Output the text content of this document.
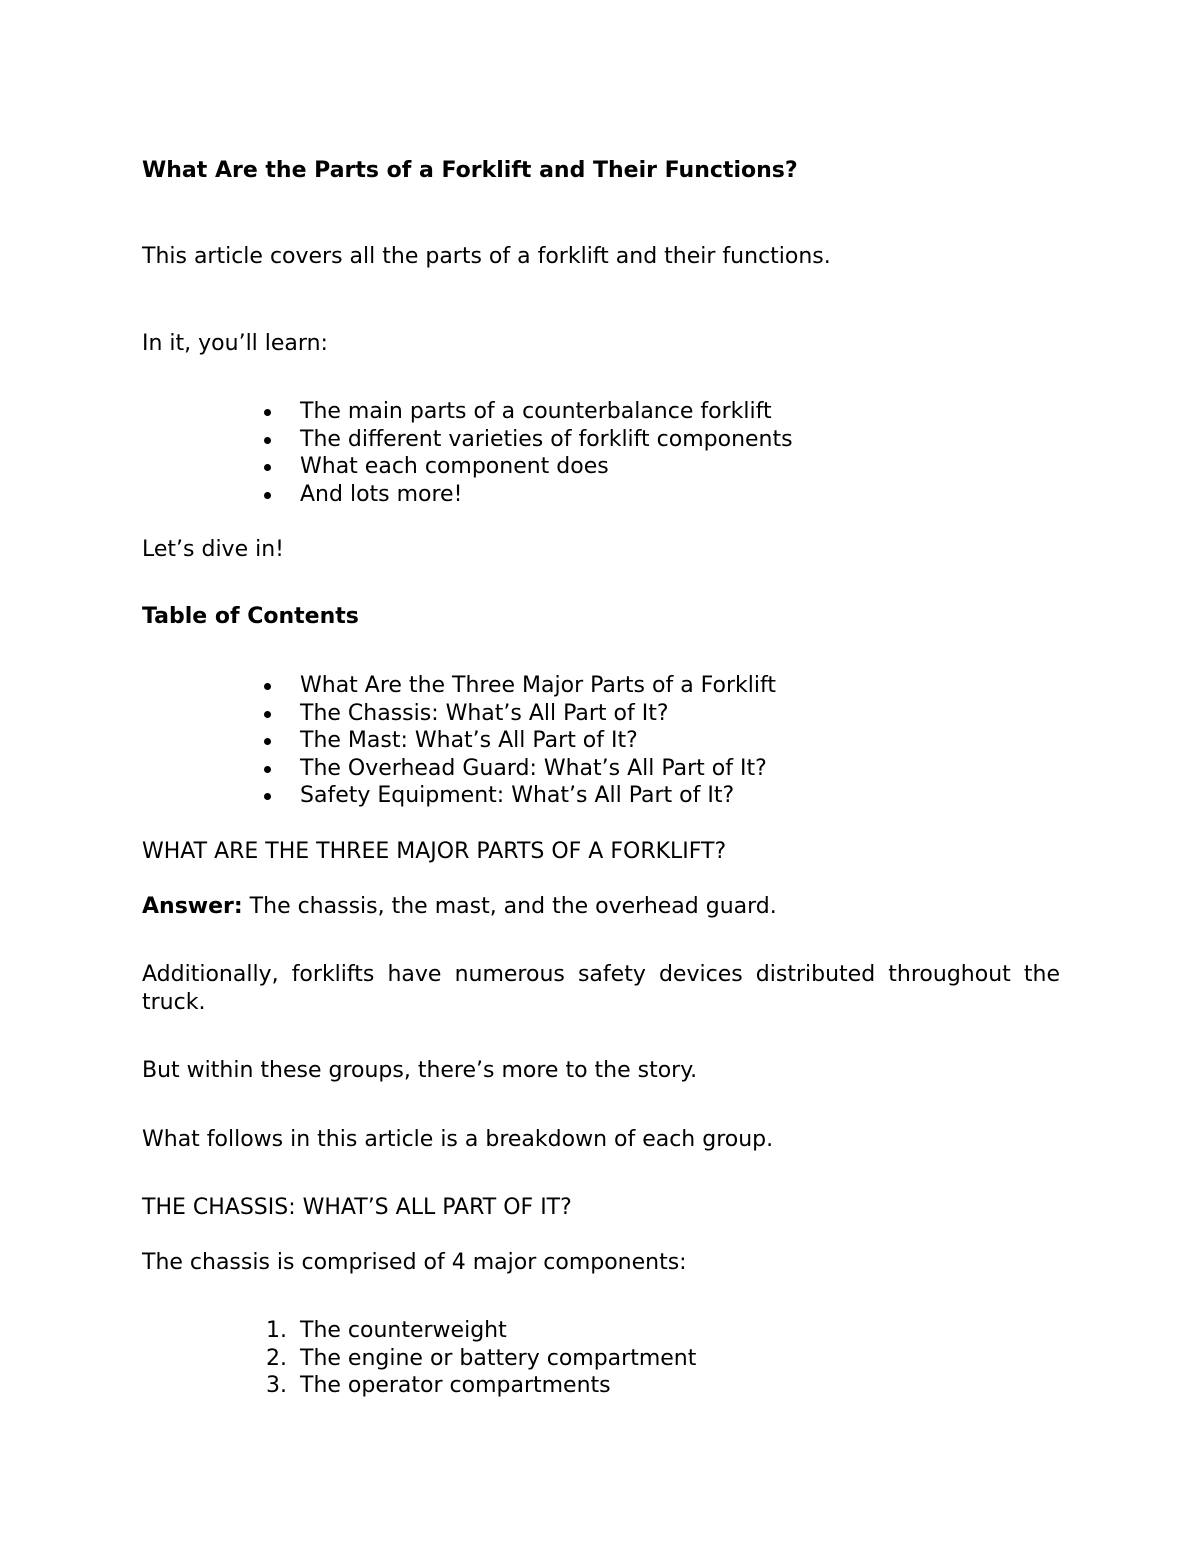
What Are the Parts of a Forklift and Their Functions?
This article covers all the parts of a forklift and their functions.
In it, you’ll learn:
The main parts of a counterbalance forklift
The different varieties of forklift components
What each component does
And lots more!
Let’s dive in!
Table of Contents
What Are the Three Major Parts of a Forklift
The Chassis: What’s All Part of It?
The Mast: What’s All Part of It?
The Overhead Guard: What’s All Part of It?
Safety Equipment: What’s All Part of It?
WHAT ARE THE THREE MAJOR PARTS OF A FORKLIFT?
Answer: The chassis, the mast, and the overhead guard.
Additionally, forklifts have numerous safety devices distributed throughout the truck.
But within these groups, there’s more to the story.
What follows in this article is a breakdown of each group.
THE CHASSIS: WHAT’S ALL PART OF IT?
The chassis is comprised of 4 major components:
1. The counterweight
2. The engine or battery compartment
3. The operator compartments
